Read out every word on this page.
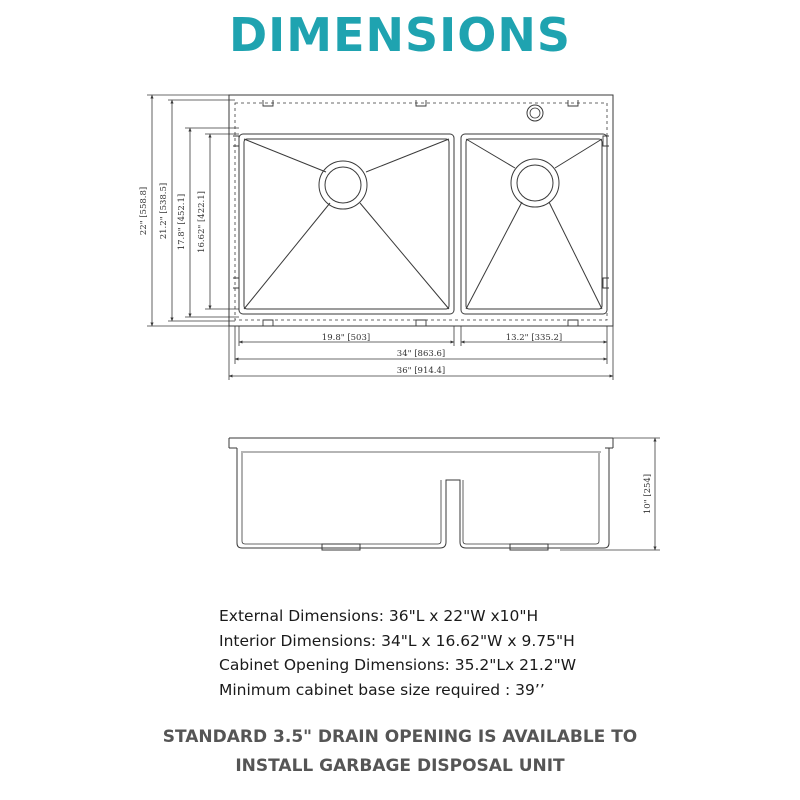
DIMENSIONS
22" [558.8] 21.2" [538.5] 17.8" [452.1] 16.62" [422.1]
19.8" [503]	13.2" [335.2]
34" [863.6]
36" [914.4]
10" [254]
External Dimensions: 36"L x 22"W x10"H
Interior Dimensions: 34"L x 16.62"W x 9.75"H
Cabinet Opening Dimensions: 35.2"Lx 21.2"W
Minimum cabinet base size required : 39’’
STANDARD 3.5" DRAIN OPENING IS AVAILABLE TO
INSTALL GARBAGE DISPOSAL UNIT
